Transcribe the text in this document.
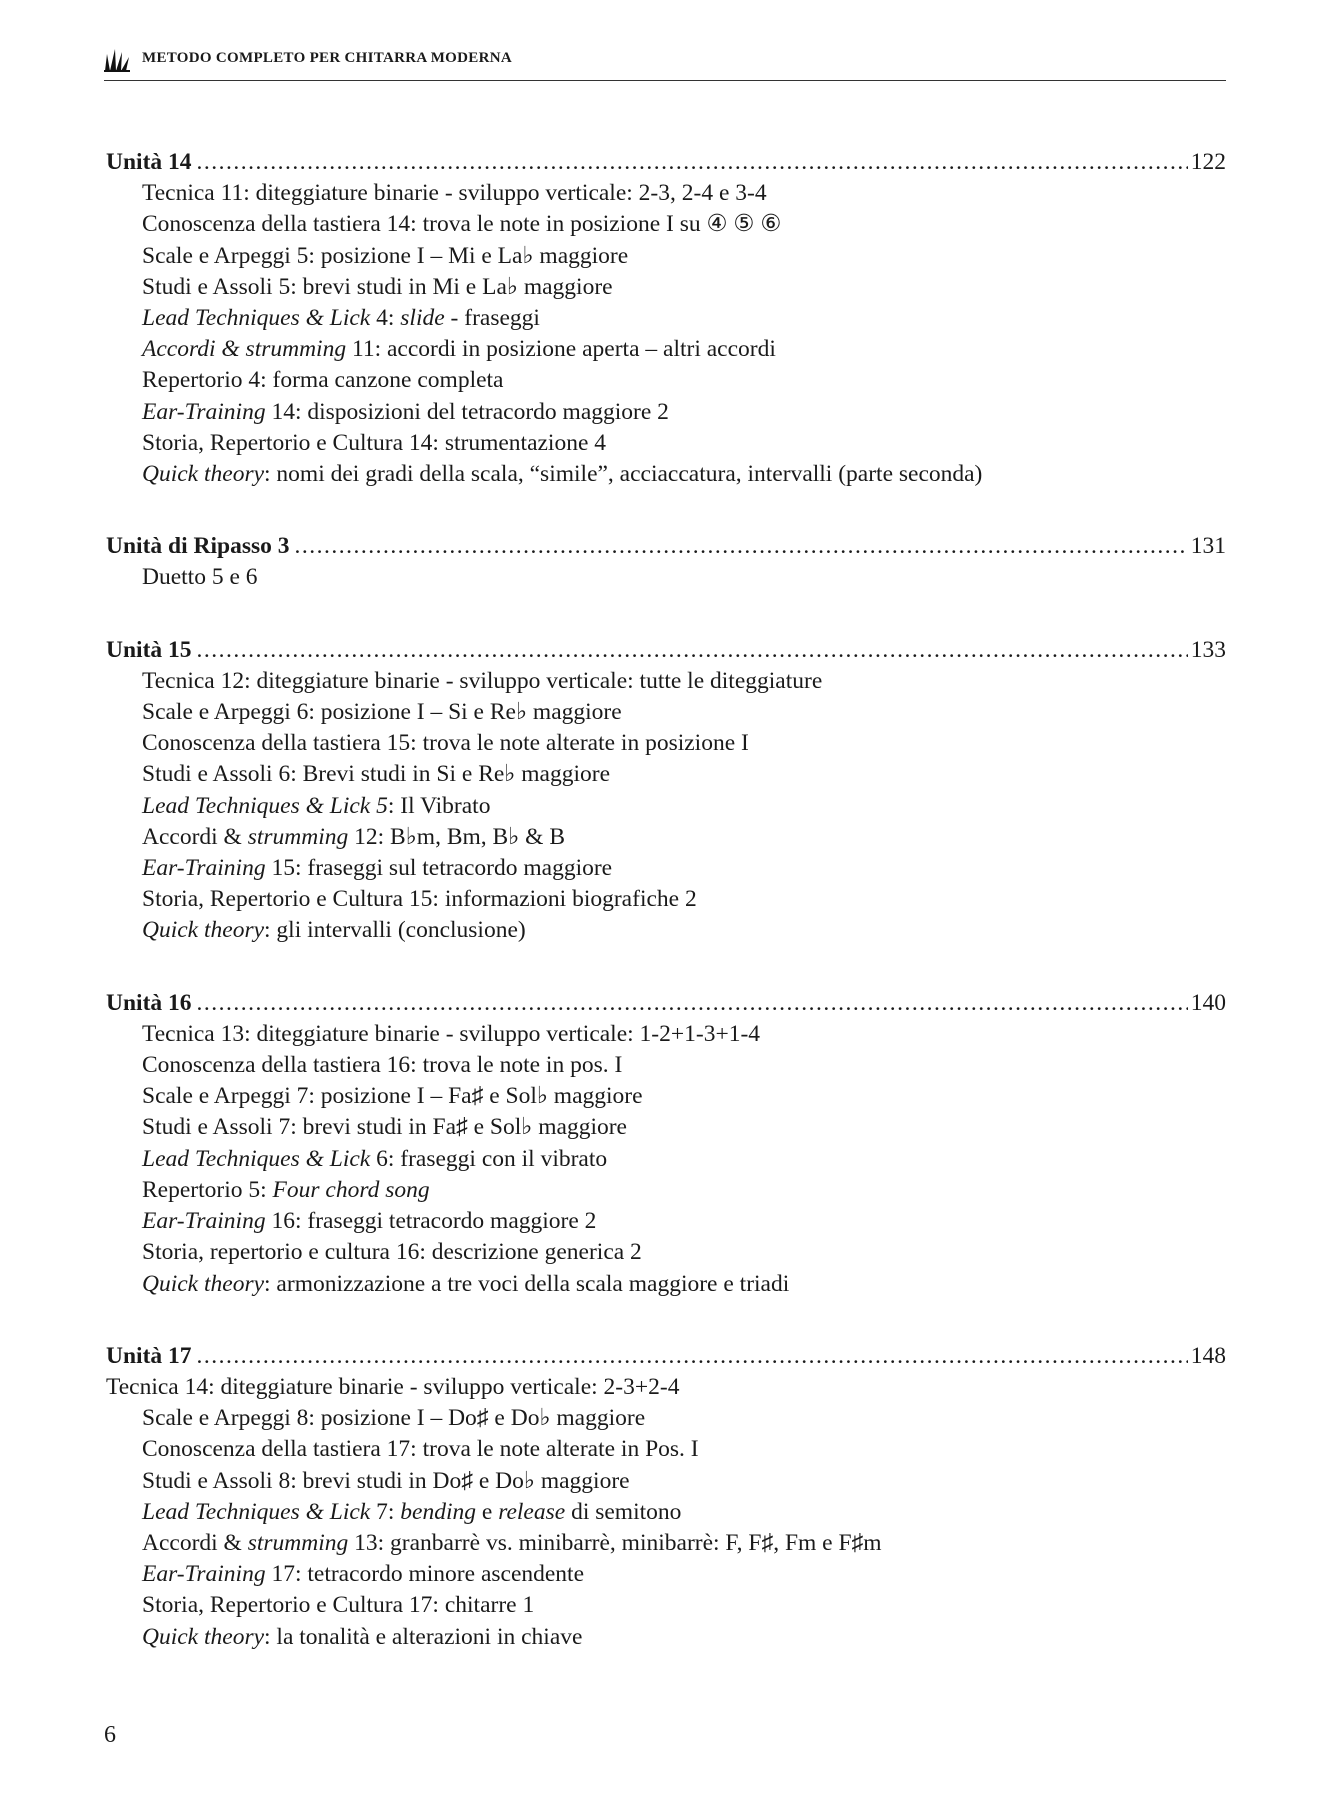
METODO COMPLETO PER CHITARRA MODERNA
Unità 14 .....	122
Tecnica 11: diteggiature binarie - sviluppo verticale: 2-3, 2-4 e 3-4
Conoscenza della tastiera 14: trova le note in posizione I su ④ ⑤ ⑥
Scale e Arpeggi 5: posizione I – Mi e La♭ maggiore
Studi e Assoli 5: brevi studi in Mi e La♭ maggiore
Lead Techniques & Lick 4: slide - fraseggi
Accordi & strumming 11: accordi in posizione aperta – altri accordi
Repertorio 4: forma canzone completa
Ear-Training 14: disposizioni del tetracordo maggiore 2
Storia, Repertorio e Cultura 14: strumentazione 4
Quick theory: nomi dei gradi della scala, “simile”, acciaccatura, intervalli (parte seconda)
Unità di Ripasso 3 .....	131
Duetto 5 e 6
Unità 15 .....	133
Tecnica 12: diteggiature binarie - sviluppo verticale: tutte le diteggiature
Scale e Arpeggi 6: posizione I – Si e Re♭ maggiore
Conoscenza della tastiera 15: trova le note alterate in posizione I
Studi e Assoli 6: Brevi studi in Si e Re♭ maggiore
Lead Techniques & Lick 5: Il Vibrato
Accordi & strumming 12: B♭m, Bm, B♭ & B
Ear-Training 15: fraseggi sul tetracordo maggiore
Storia, Repertorio e Cultura 15: informazioni biografiche 2
Quick theory: gli intervalli (conclusione)
Unità 16 .....	140
Tecnica 13: diteggiature binarie - sviluppo verticale: 1-2+1-3+1-4
Conoscenza della tastiera 16: trova le note in pos. I
Scale e Arpeggi 7: posizione I – Fa♯ e Sol♭ maggiore
Studi e Assoli 7: brevi studi in Fa♯ e Sol♭ maggiore
Lead Techniques & Lick 6: fraseggi con il vibrato
Repertorio 5: Four chord song
Ear-Training 16: fraseggi tetracordo maggiore 2
Storia, repertorio e cultura 16: descrizione generica 2
Quick theory: armonizzazione a tre voci della scala maggiore e triadi
Unità 17 .....	148
Tecnica 14: diteggiature binarie - sviluppo verticale: 2-3+2-4
Scale e Arpeggi 8: posizione I – Do♯ e Do♭ maggiore
Conoscenza della tastiera 17: trova le note alterate in Pos. I
Studi e Assoli 8: brevi studi in Do♯ e Do♭ maggiore
Lead Techniques & Lick 7: bending e release di semitono
Accordi & strumming 13: granbarrè vs. minibarrè, minibarrè: F, F♯, Fm e F♯m
Ear-Training 17: tetracordo minore ascendente
Storia, Repertorio e Cultura 17: chitarre 1
Quick theory: la tonalità e alterazioni in chiave
6
